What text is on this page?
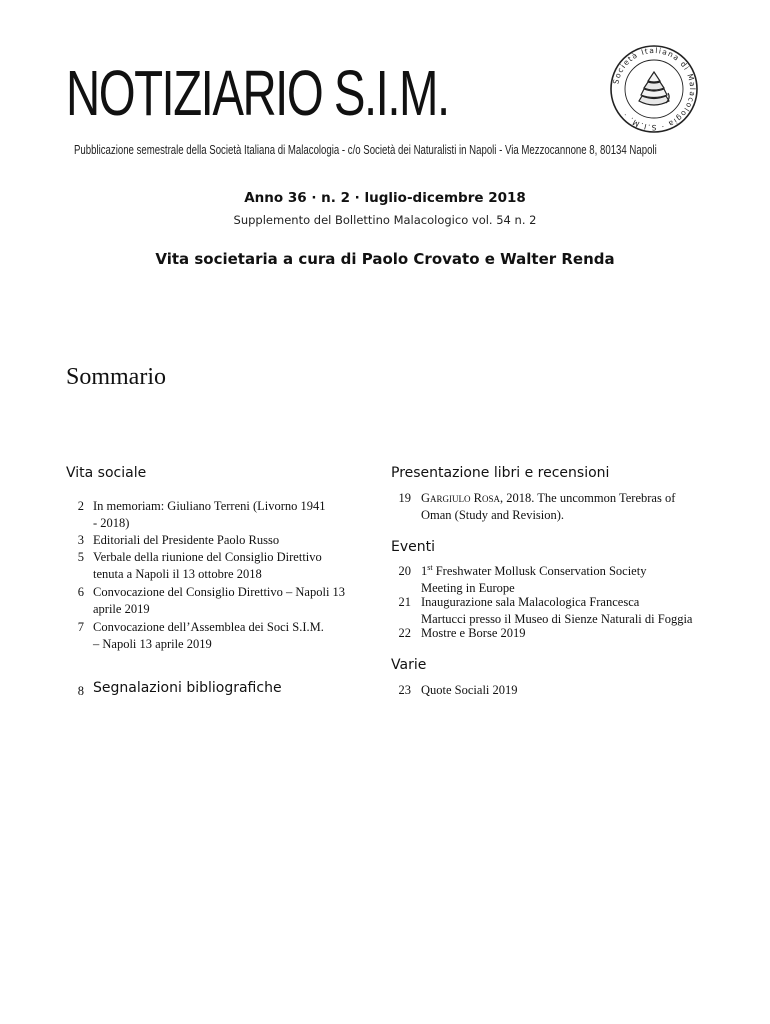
NOTIZIARIO S.I.M.	Società Italiana di Malacologia · S.I.M. ·
Pubblicazione semestrale della Società Italiana di Malacologia - c/o Società dei Naturalisti in Napoli - Via Mezzocannone 8, 80134 Napoli
Anno 36 · n. 2 · luglio-dicembre 2018
Supplemento del Bollettino Malacologico vol. 54 n. 2
Vita societaria a cura di Paolo Crovato e Walter Renda
Sommario
Vita sociale
2 In memoriam: Giuliano Terreni (Livorno 1941
- 2018)
3 Editoriali del Presidente Paolo Russo
5 Verbale della riunione del Consiglio Direttivo
tenuta a Napoli il 13 ottobre 2018
6 Convocazione del Consiglio Direttivo – Napoli 13
aprile 2019
7 Convocazione dell’Assemblea dei Soci S.I.M.
– Napoli 13 aprile 2019
8 Segnalazioni bibliografiche
Presentazione libri e recensioni
19 Gargiulo Rosa, 2018. The uncommon Terebras of
Oman (Study and Revision).
Eventi
20 1st Freshwater Mollusk Conservation Society
Meeting in Europe
21 Inaugurazione sala Malacologica Francesca
Martucci presso il Museo di Sienze Naturali di Foggia
22 Mostre e Borse 2019
Varie
23 Quote Sociali 2019
